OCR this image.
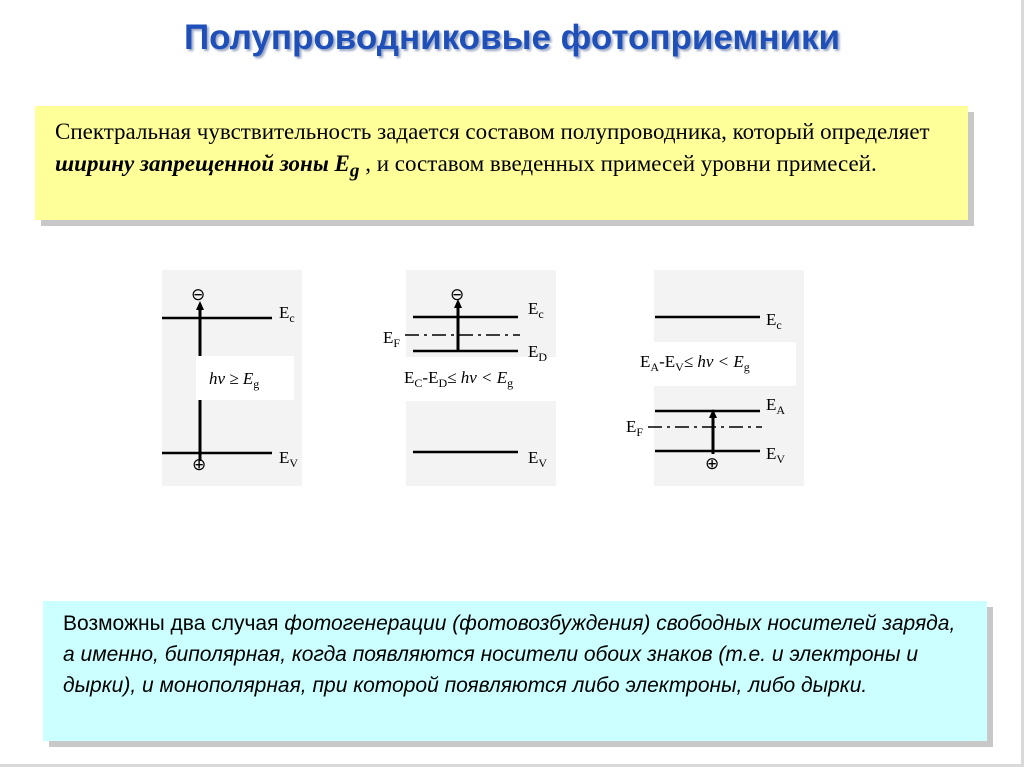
Полупроводниковые фотоприемники
Спектральная чувствительность задается составом полупроводника, который определяет ширину запрещенной зоны $E_g$ , и составом введенных примесей уровни примесей.
⊖
⊕
$E_c$
$E_V$
$h\nu \ge E_g$
⊖
$E_c$
$E_F$	$E_D$
$E_V$
$E_C-E_D\le h\nu < E_g$
⊕
$E_c$
$E_A$
$E_F$
$E_V$
$E_A-E_V\le h\nu < E_g$
Возможны два случая фотогенерации (фотовозбуждения) свободных носителей заряда, а именно, биполярная, когда появляются носители обоих знаков (т.е. и электроны и дырки), и монополярная, при которой появляются либо электроны, либо дырки.
